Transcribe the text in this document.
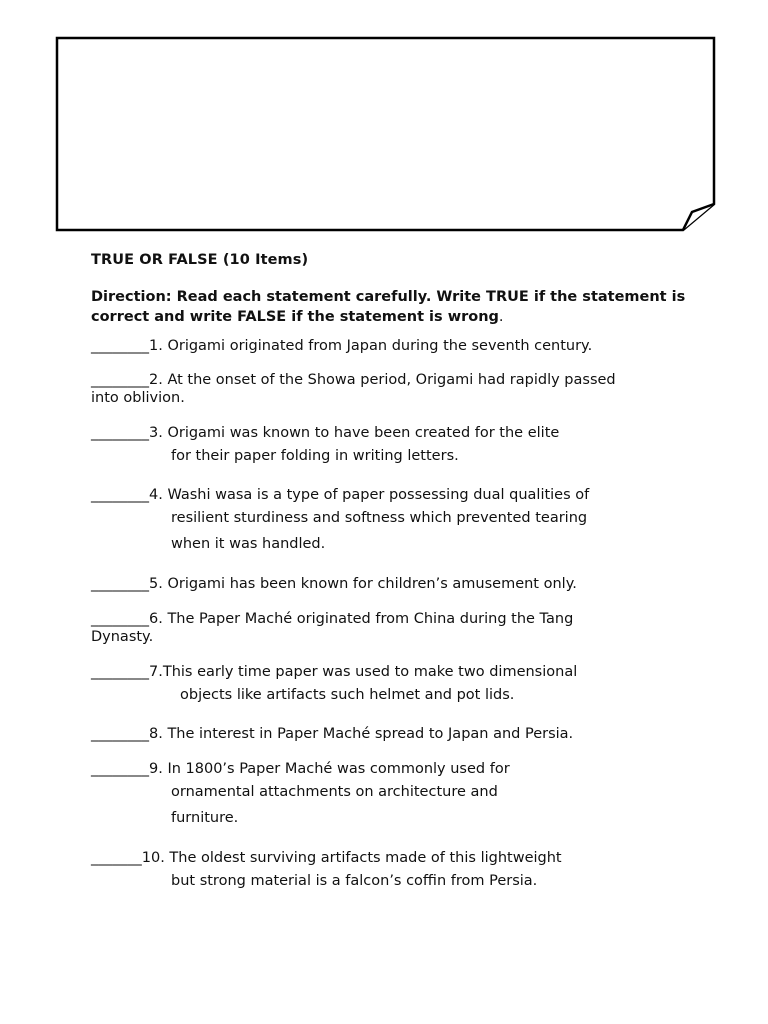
TRUE OR FALSE (10 Items)
Direction: Read each statement carefully. Write TRUE if the statement is correct and write FALSE if the statement is wrong.
________1. Origami originated from Japan during the seventh century.
________2. At the onset of the Showa period, Origami had rapidly passed
into oblivion.
________3. Origami was known to have been created for the elite
for their paper folding in writing letters.
________4. Washi wasa is a type of paper possessing dual qualities of
resilient sturdiness and softness which prevented tearing
when it was handled.
________5. Origami has been known for children’s amusement only.
________6. The Paper Maché originated from China during the Tang
Dynasty.
________7.This early time paper was used to make two dimensional
objects like artifacts such helmet and pot lids.
________8. The interest in Paper Maché spread to Japan and Persia.
________9. In 1800’s Paper Maché was commonly used for
ornamental attachments on architecture and
furniture.
_______10. The oldest surviving artifacts made of this lightweight
but strong material is a falcon’s coffin from Persia.
